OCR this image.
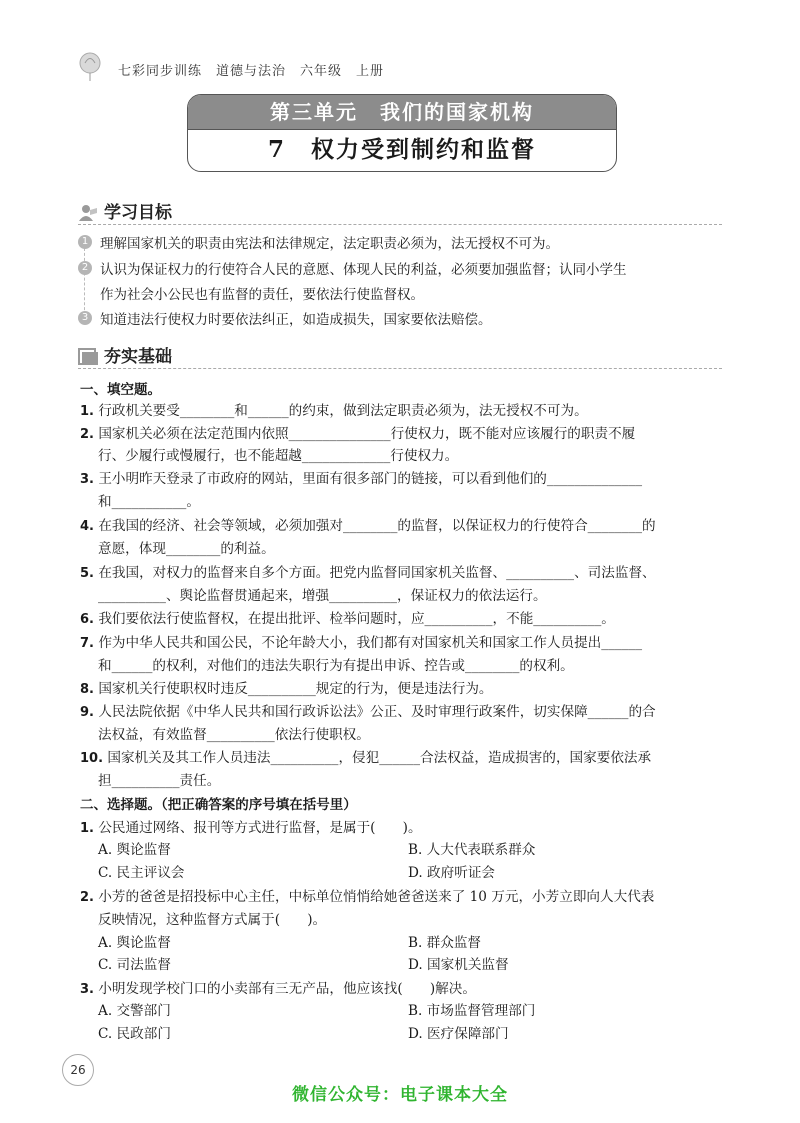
七彩同步训练　道德与法治　六年级　上册
第三单元　我们的国家机构
7　权力受到制约和监督
学习目标
1 理解国家机关的职责由宪法和法律规定，法定职责必须为，法无授权不可为。
2 认识为保证权力的行使符合人民的意愿、体现人民的利益，必须要加强监督；认同小学生
作为社会小公民也有监督的责任，要依法行使监督权。
3 知道违法行使权力时要依法纠正，如造成损失，国家要依法赔偿。
夯实基础
一、填空题。
1. 行政机关要受________和______的约束，做到法定职责必须为，法无授权不可为。
2. 国家机关必须在法定范围内依照_______________行使权力，既不能对应该履行的职责不履
行、少履行或慢履行，也不能超越_____________行使权力。
3. 王小明昨天登录了市政府的网站，里面有很多部门的链接，可以看到他们的______________
和___________。
4. 在我国的经济、社会等领域，必须加强对________的监督，以保证权力的行使符合________的
意愿，体现________的利益。
5. 在我国，对权力的监督来自多个方面。把党内监督同国家机关监督、__________、司法监督、
__________、舆论监督贯通起来，增强__________，保证权力的依法运行。
6. 我们要依法行使监督权，在提出批评、检举问题时，应__________，不能__________。
7. 作为中华人民共和国公民，不论年龄大小，我们都有对国家机关和国家工作人员提出______
和______的权利，对他们的违法失职行为有提出申诉、控告或________的权利。
8. 国家机关行使职权时违反__________规定的行为，便是违法行为。
9. 人民法院依据《中华人民共和国行政诉讼法》公正、及时审理行政案件，切实保障______的合
法权益，有效监督__________依法行使职权。
10. 国家机关及其工作人员违法__________，侵犯______合法权益，造成损害的，国家要依法承
担__________责任。
二、选择题。（把正确答案的序号填在括号里）
1. 公民通过网络、报刊等方式进行监督，是属于(　　)。
A. 舆论监督	B. 人大代表联系群众
C. 民主评议会	D. 政府听证会
2. 小芳的爸爸是招投标中心主任，中标单位悄悄给她爸爸送来了 10 万元，小芳立即向人大代表
反映情况，这种监督方式属于(　　)。
A. 舆论监督	B. 群众监督
C. 司法监督	D. 国家机关监督
3. 小明发现学校门口的小卖部有三无产品，他应该找(　　)解决。
A. 交警部门	B. 市场监督管理部门
C. 民政部门	D. 医疗保障部门
26
微信公众号：电子课本大全
